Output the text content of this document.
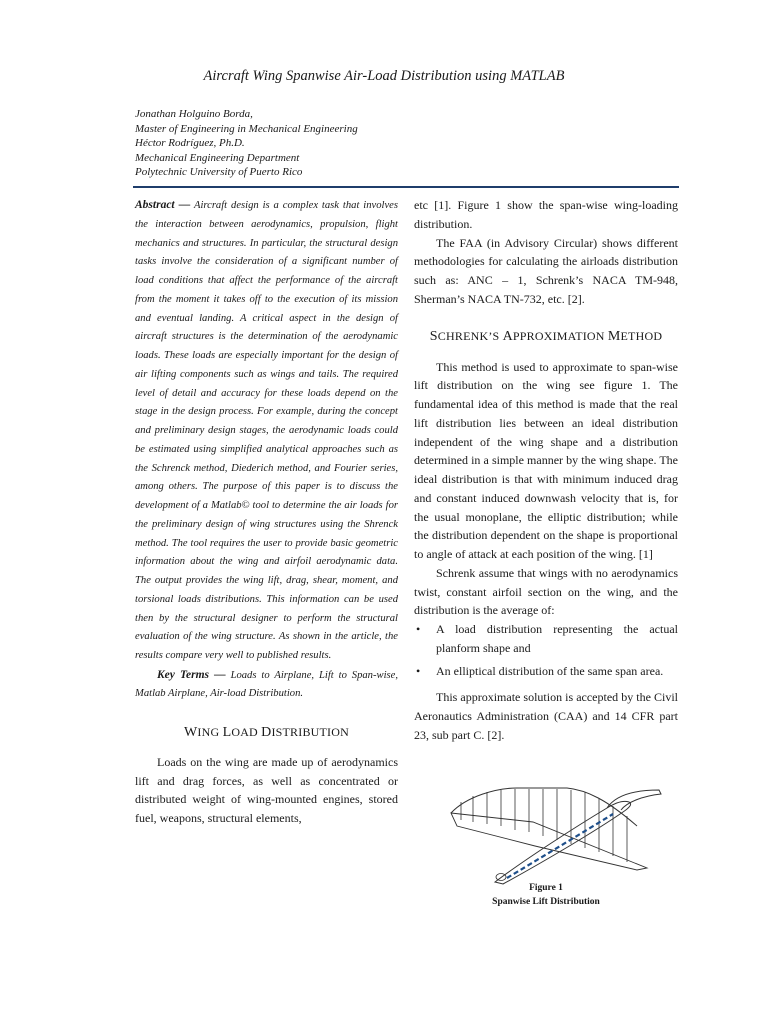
Aircraft Wing Spanwise Air-Load Distribution using MATLAB
Jonathan Holguino Borda,
Master of Engineering in Mechanical Engineering
Héctor Rodríguez, Ph.D.
Mechanical Engineering Department
Polytechnic University of Puerto Rico

Abstract — Aircraft design is a complex task that involves the interaction between aerodynamics, propulsion, flight mechanics and structures. In particular, the structural design tasks involve the consideration of a significant number of load conditions that affect the performance of the aircraft from the moment it takes off to the execution of its mission and eventual landing. A critical aspect in the design of aircraft structures is the determination of the aerodynamic loads. These loads are especially important for the design of air lifting components such as wings and tails. The required level of detail and accuracy for these loads depend on the stage in the design process. For example, during the concept and preliminary design stages, the aerodynamic loads could be estimated using simplified analytical approaches such as the Schrenck method, Diederich method, and Fourier series, among others. The purpose of this paper is to discuss the development of a Matlab© tool to determine the air loads for the preliminary design of wing structures using the Shrenck method. The tool requires the user to provide basic geometric information about the wing and airfoil aerodynamic data. The output provides the wing lift, drag, shear, moment, and torsional loads distributions. This information can be used then by the structural designer to perform the structural evaluation of the wing structure. As shown in the article, the results compare very well to published results.

Key Terms — Loads to Airplane, Lift to Span-wise, Matlab Airplane, Air-load Distribution.

WING LOAD DISTRIBUTION

Loads on the wing are made up of aerodynamics lift and drag forces, as well as concentrated or distributed weight of wing-mounted engines, stored fuel, weapons, structural elements,

etc [1]. Figure 1 show the span-wise wing-loading distribution.

The FAA (in Advisory Circular) shows different methodologies for calculating the airloads distribution such as: ANC – 1, Schrenk’s NACA TM-948, Sherman’s NACA TN-732, etc. [2].

SCHRENK’S APPROXIMATION METHOD

This method is used to approximate to span-wise lift distribution on the wing see figure 1. The fundamental idea of this method is made that the real lift distribution lies between an ideal distribution independent of the wing shape and a distribution determined in a simple manner by the wing shape. The ideal distribution is that with minimum induced drag and constant induced downwash velocity that is, for the usual monoplane, the elliptic distribution; while the distribution dependent on the shape is proportional to angle of attack at each position of the wing. [1]

Schrenk assume that wings with no aerodynamics twist, constant airfoil section on the wing, and the distribution is the average of:

• A load distribution representing the actual planform shape and
• An elliptical distribution of the same span area.

This approximate solution is accepted by the Civil Aeronautics Administration (CAA) and 14 CFR part 23, sub part C. [2].

Figure 1
Spanwise Lift Distribution
